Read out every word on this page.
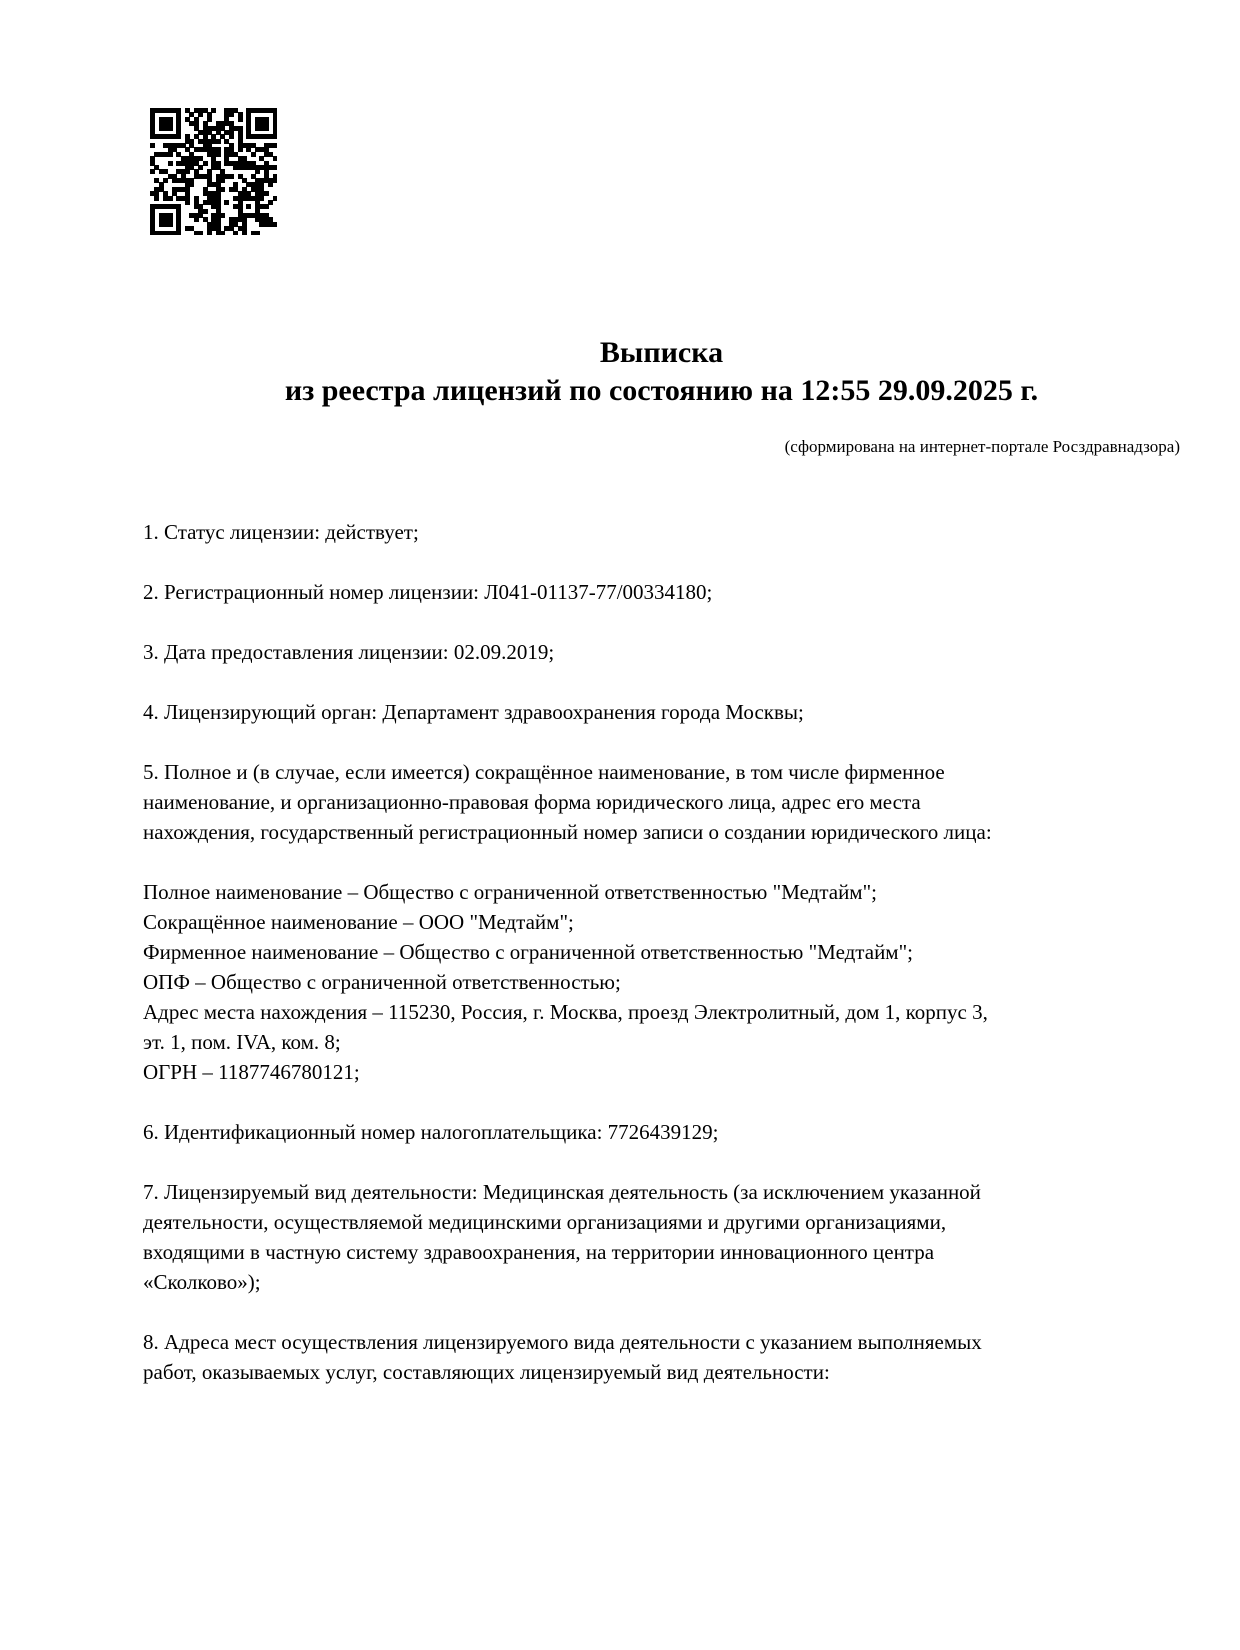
Выписка
из реестра лицензий по состоянию на 12:55 29.09.2025 г.
(сформирована на интернет-портале Росздравнадзора)

1. Статус лицензии: действует;

2. Регистрационный номер лицензии: Л041-01137-77/00334180;

3. Дата предоставления лицензии: 02.09.2019;

4. Лицензирующий орган: Департамент здравоохранения города Москвы;

5. Полное и (в случае, если имеется) сокращённое наименование, в том числе фирменное
наименование, и организационно-правовая форма юридического лица, адрес его места
нахождения, государственный регистрационный номер записи о создании юридического лица:

Полное наименование – Общество с ограниченной ответственностью "Медтайм";
Сокращённое наименование – ООО "Медтайм";
Фирменное наименование – Общество с ограниченной ответственностью "Медтайм";
ОПФ – Общество с ограниченной ответственностью;
Адрес места нахождения – 115230, Россия, г. Москва, проезд Электролитный, дом 1, корпус 3,
эт. 1, пом. IVA, ком. 8;
ОГРН – 1187746780121;

6. Идентификационный номер налогоплательщика: 7726439129;

7. Лицензируемый вид деятельности: Медицинская деятельность (за исключением указанной
деятельности, осуществляемой медицинскими организациями и другими организациями,
входящими в частную систему здравоохранения, на территории инновационного центра
«Сколково»);

8. Адреса мест осуществления лицензируемого вида деятельности с указанием выполняемых
работ, оказываемых услуг, составляющих лицензируемый вид деятельности:
